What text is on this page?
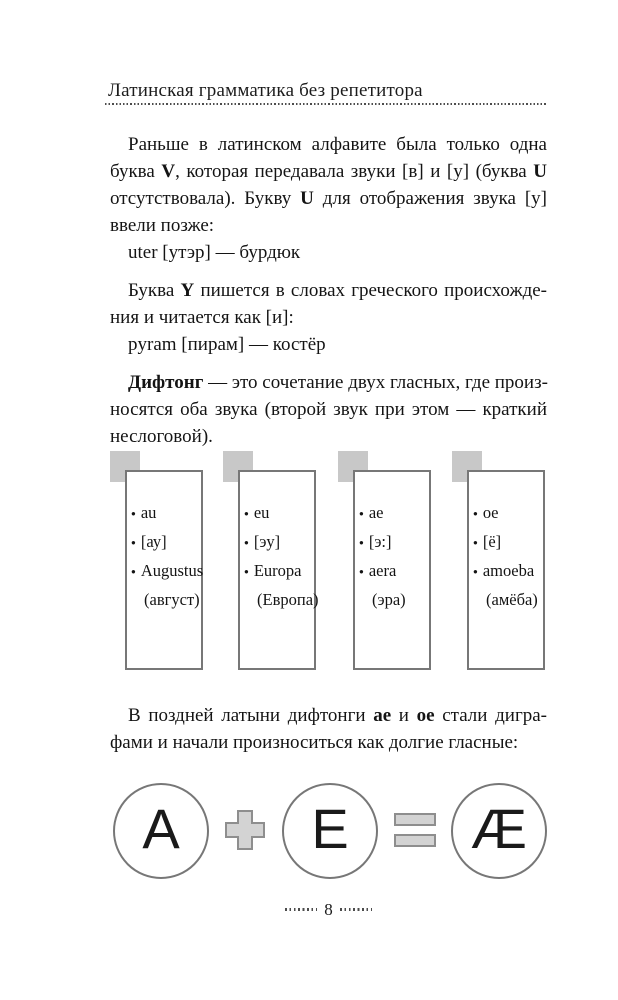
Латинская грамматика без репетитора
Раньше в латинском алфавите была только одна
буква V, которая передавала звуки [в] и [у] (буква U
отсутствовала). Букву U для отображения звука [у]
ввели позже:
uter [утэр] — бурдюк
Буква Y пишется в словах греческого происхожде-
ния и читается как [и]:
pyram [пирам] — костёр
Дифтонг — это сочетание двух гласных, где произ-
носятся оба звука (второй звук при этом — краткий
неслоговой).
● au
● [ау]
● Augustus
(август)
● eu
● [эу]
● Europa
(Европа)
● ae
● [э:]
● aera
(эра)
● oe
● [ё]
● amoeba
(амёба)
В поздней латыни дифтонги ae и oe стали дигра-
фами и начали произноситься как долгие гласные:
A E Æ
8
